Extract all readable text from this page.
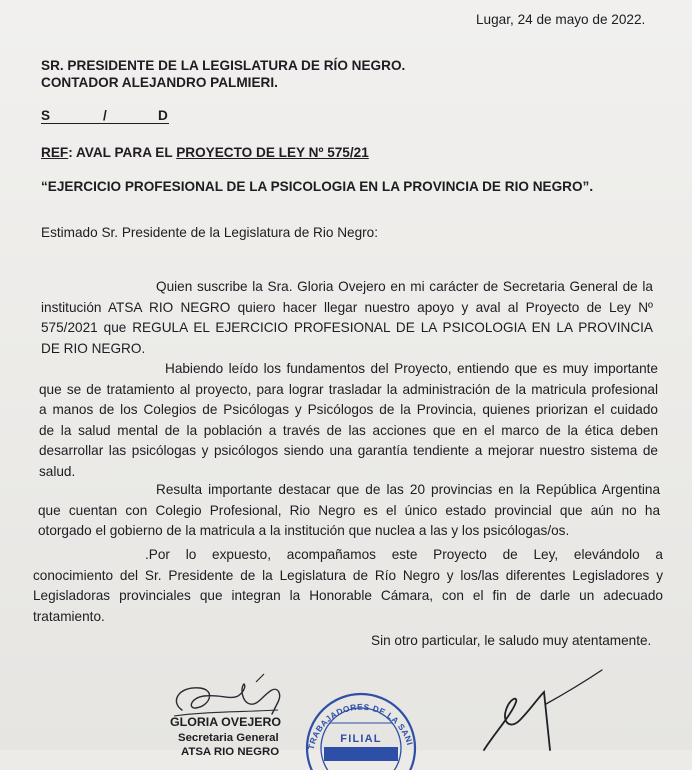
Lugar, 24 de mayo de 2022.
SR. PRESIDENTE DE LA LEGISLATURA DE RÍO NEGRO.
CONTADOR ALEJANDRO PALMIERI.
S	/	D
REF: AVAL PARA EL PROYECTO DE LEY Nº 575/21
“EJERCICIO PROFESIONAL DE LA PSICOLOGIA EN LA PROVINCIA DE RIO NEGRO”.
Estimado Sr. Presidente de la Legislatura de Rio Negro:
Quien suscribe la Sra. Gloria Ovejero en mi carácter de Secretaria General de la
institución ATSA RIO NEGRO quiero hacer llegar nuestro apoyo y aval al Proyecto de Ley Nº
575/2021 que REGULA EL EJERCICIO PROFESIONAL DE LA PSICOLOGIA EN LA PROVINCIA
DE RIO NEGRO.
Habiendo leído los fundamentos del Proyecto, entiendo que es muy importante
que se de tratamiento al proyecto, para lograr trasladar la administración de la matricula profesional
a manos de los Colegios de Psicólogas y Psicólogos de la Provincia, quienes priorizan el cuidado
de la salud mental de la población a través de las acciones que en el marco de la ética deben
desarrollar las psicólogas y psicólogos siendo una garantía tendiente a mejorar nuestro sistema de
salud.
Resulta importante destacar que de las 20 provincias en la República Argentina
que cuentan con Colegio Profesional, Rio Negro es el único estado provincial que aún no ha
otorgado el gobierno de la matricula a la institución que nuclea a las y los psicólogas/os.
.Por lo expuesto, acompañamos este Proyecto de Ley, elevándolo a
conocimiento del Sr. Presidente de la Legislatura de Río Negro y los/las diferentes Legisladores y
Legisladoras provinciales que integran la Honorable Cámara, con el fin de darle un adecuado
tratamiento.
Sin otro particular, le saludo muy atentamente.
GLORIA OVEJERO
Secretaria General
ATSA RIO NEGRO
DE TRABAJADORES DE LA SANIDAD
FILIAL
